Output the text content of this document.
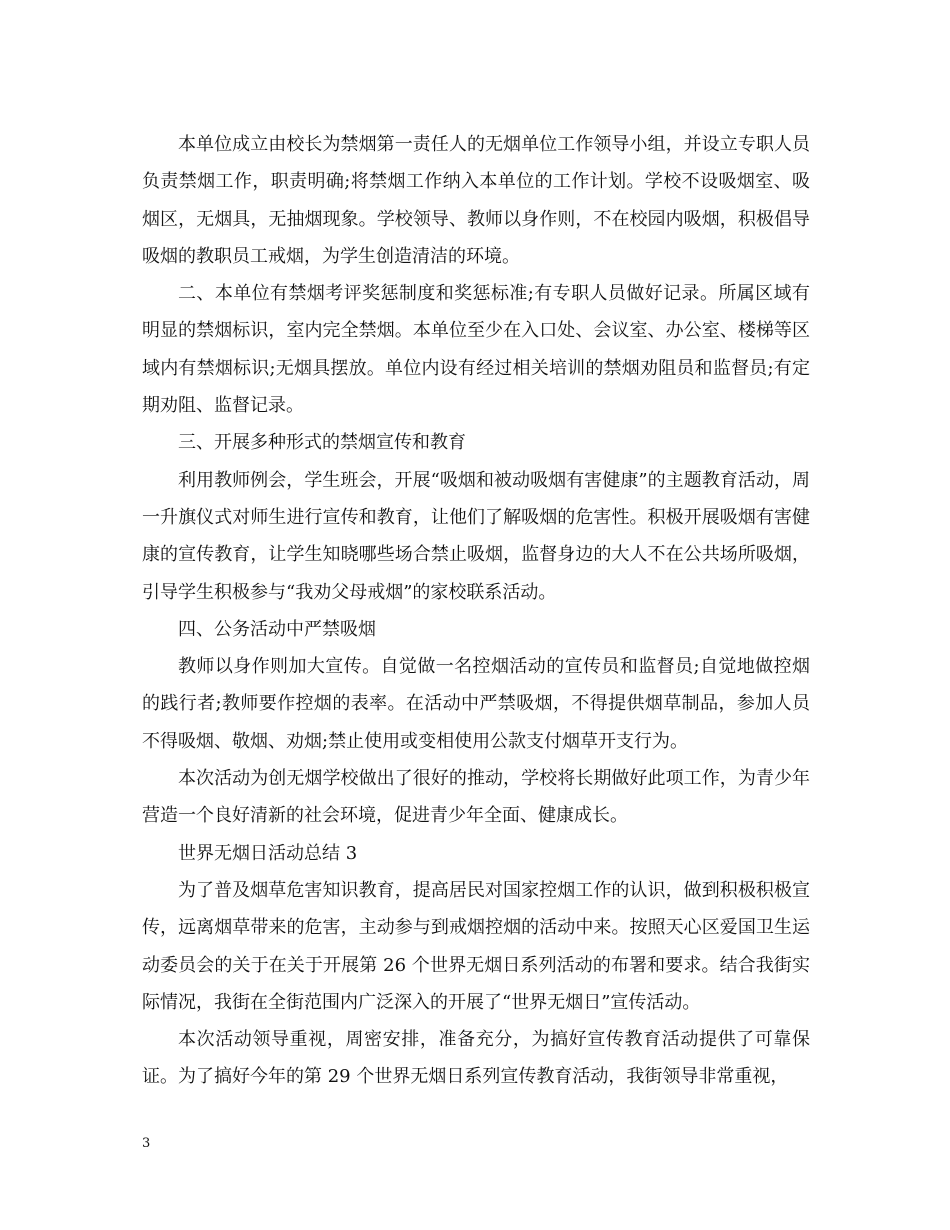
本单位成立由校长为禁烟第一责任人的无烟单位工作领导小组，并设立专职人员负责禁烟工作，职责明确;将禁烟工作纳入本单位的工作计划。学校不设吸烟室、吸烟区，无烟具，无抽烟现象。学校领导、教师以身作则，不在校园内吸烟，积极倡导吸烟的教职员工戒烟，为学生创造清洁的环境。

二、本单位有禁烟考评奖惩制度和奖惩标准;有专职人员做好记录。所属区域有明显的禁烟标识，室内完全禁烟。本单位至少在入口处、会议室、办公室、楼梯等区域内有禁烟标识;无烟具摆放。单位内设有经过相关培训的禁烟劝阻员和监督员;有定期劝阻、监督记录。

三、开展多种形式的禁烟宣传和教育

利用教师例会，学生班会，开展“吸烟和被动吸烟有害健康”的主题教育活动，周一升旗仪式对师生进行宣传和教育，让他们了解吸烟的危害性。积极开展吸烟有害健康的宣传教育，让学生知晓哪些场合禁止吸烟，监督身边的大人不在公共场所吸烟，引导学生积极参与“我劝父母戒烟”的家校联系活动。

四、公务活动中严禁吸烟

教师以身作则加大宣传。自觉做一名控烟活动的宣传员和监督员;自觉地做控烟的践行者;教师要作控烟的表率。在活动中严禁吸烟，不得提供烟草制品，参加人员不得吸烟、敬烟、劝烟;禁止使用或变相使用公款支付烟草开支行为。

本次活动为创无烟学校做出了很好的推动，学校将长期做好此项工作，为青少年营造一个良好清新的社会环境，促进青少年全面、健康成长。

世界无烟日活动总结 3

为了普及烟草危害知识教育，提高居民对国家控烟工作的认识，做到积极积极宣传，远离烟草带来的危害，主动参与到戒烟控烟的活动中来。按照天心区爱国卫生运动委员会的关于在关于开展第 26 个世界无烟日系列活动的布署和要求。结合我街实际情况，我街在全街范围内广泛深入的开展了“世界无烟日”宣传活动。

本次活动领导重视，周密安排，准备充分，为搞好宣传教育活动提供了可靠保证。为了搞好今年的第 29 个世界无烟日系列宣传教育活动，我街领导非常重视，

3
